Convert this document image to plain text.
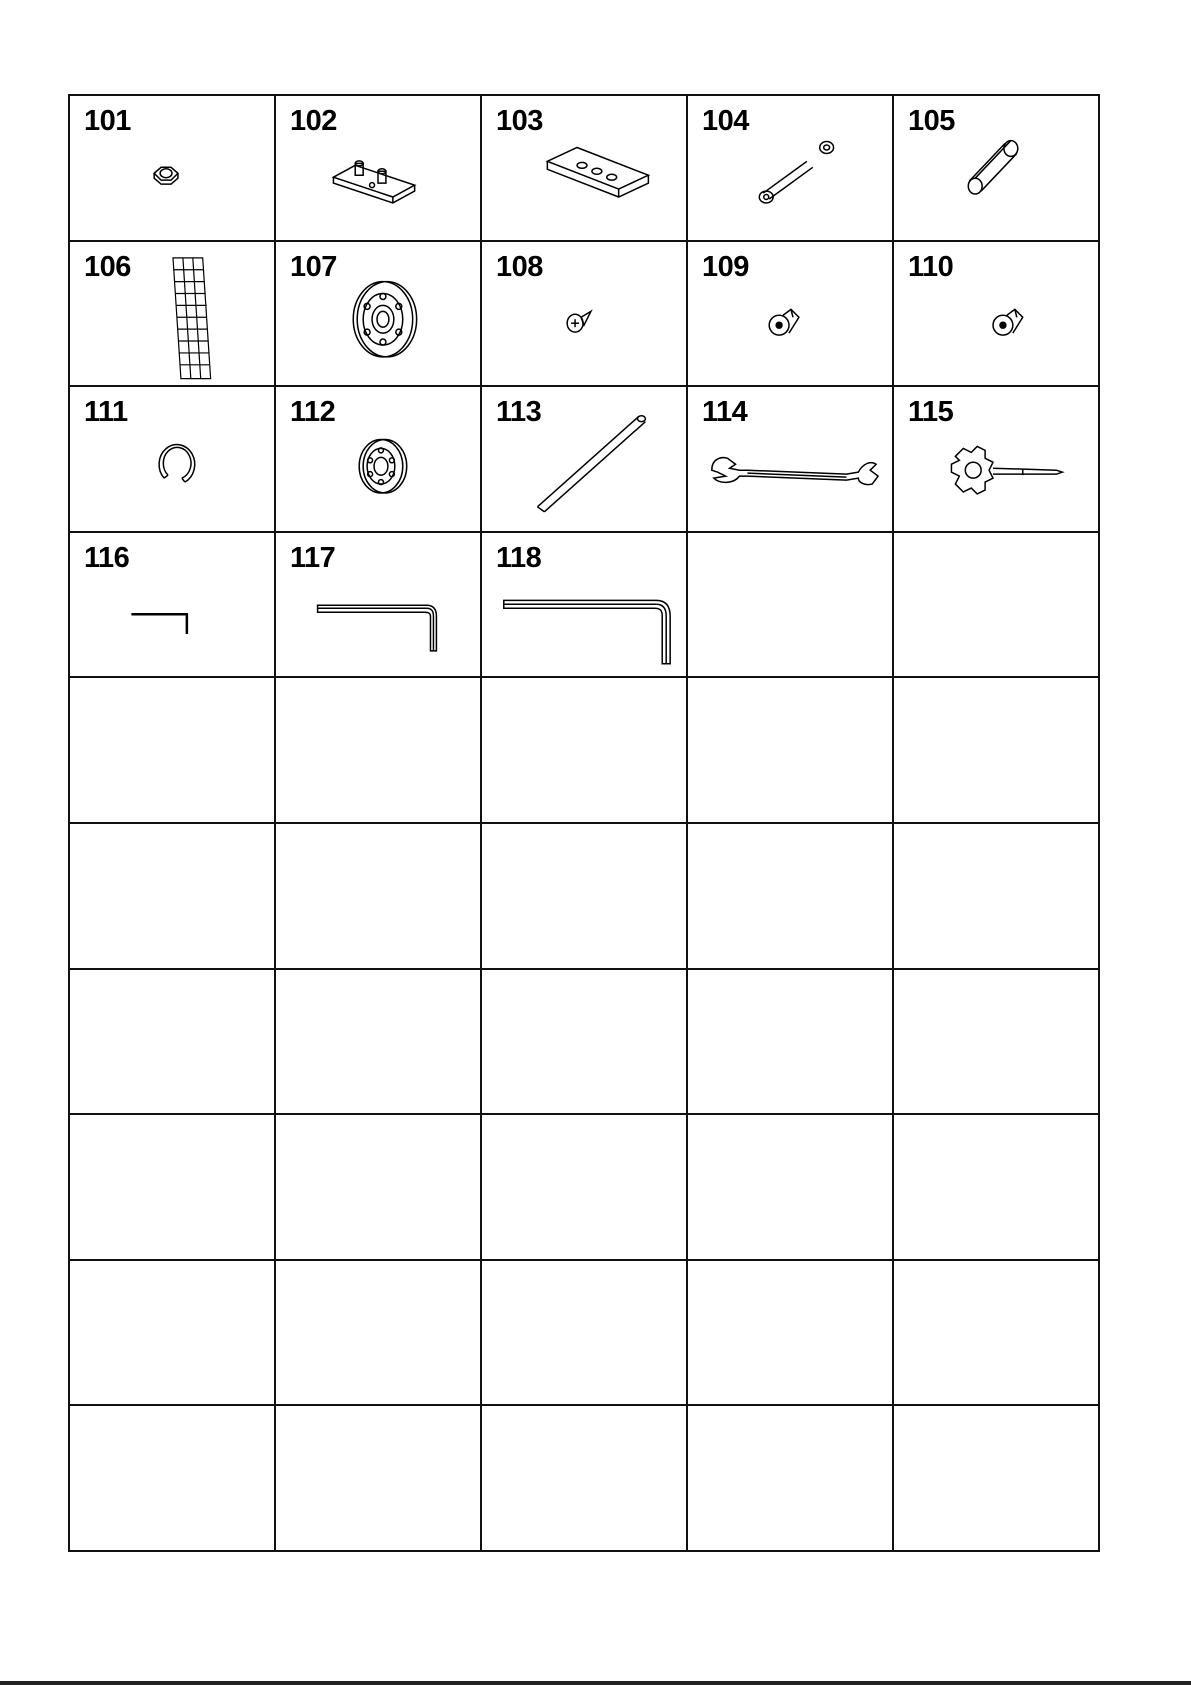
101	102	103	104	105
106	107	108	109	110
111	112	113	114	115
116	117	118
